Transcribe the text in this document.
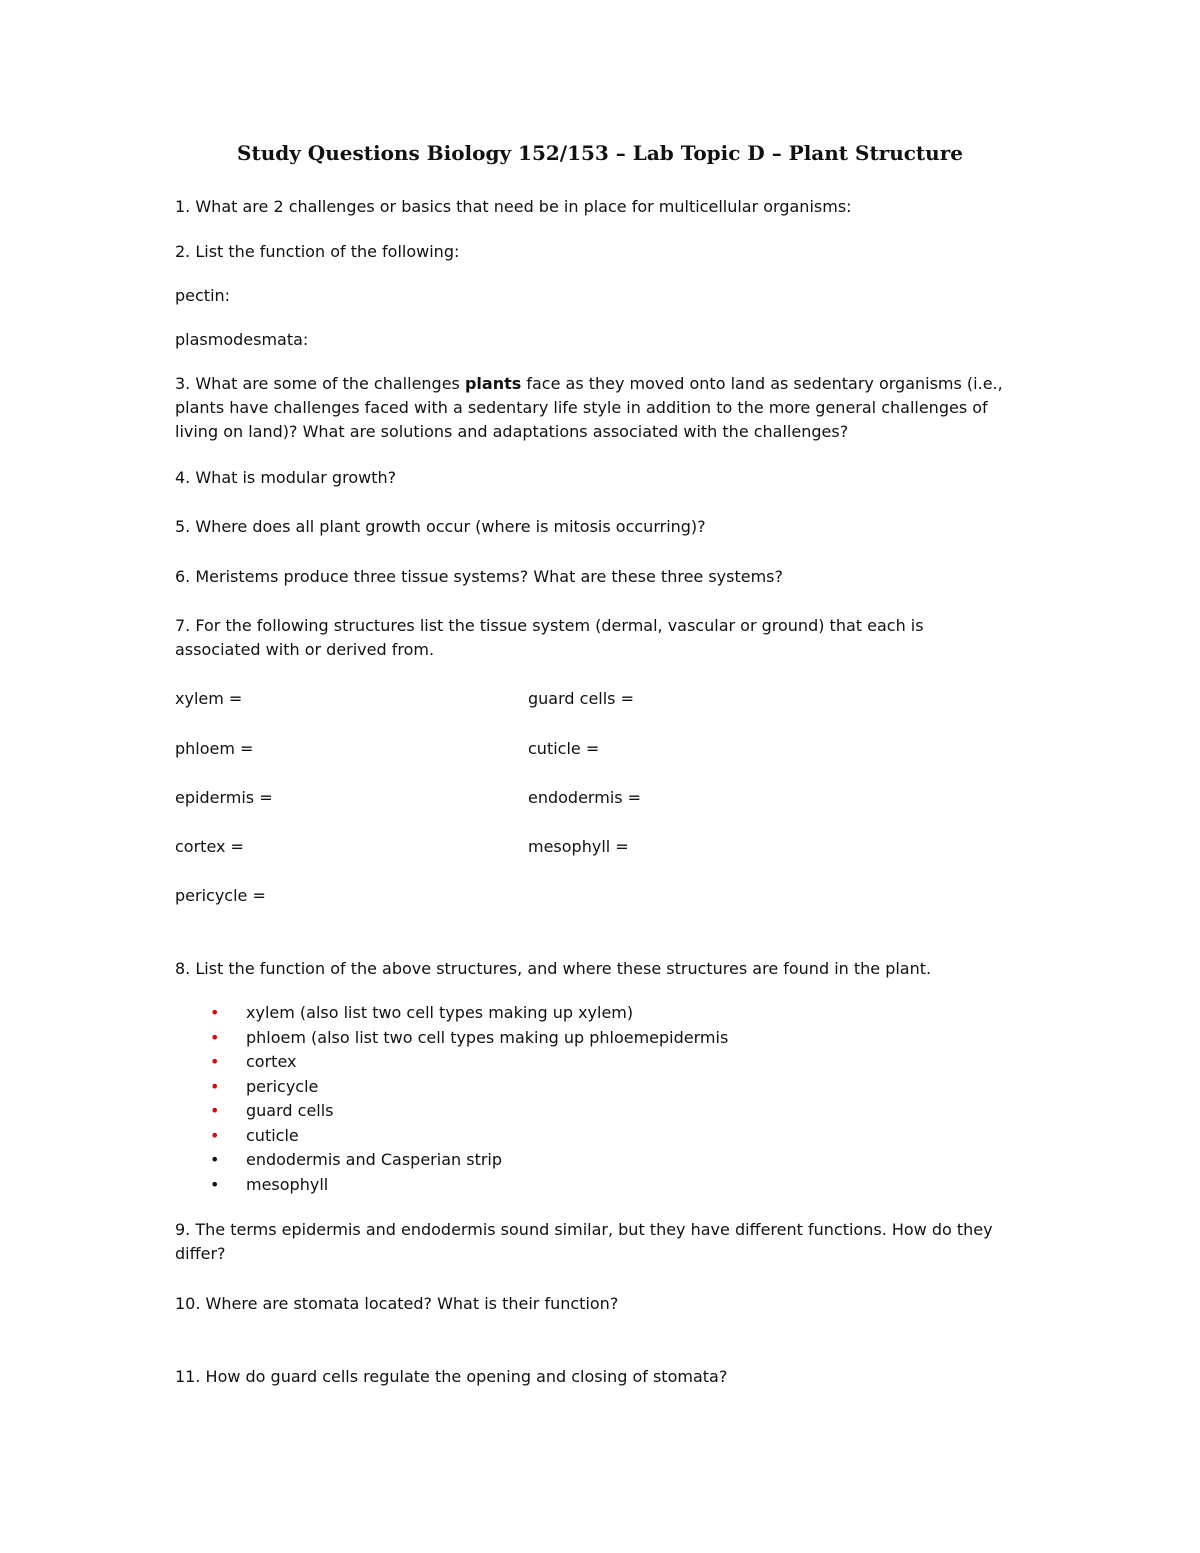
Study Questions Biology 152/153 – Lab Topic D – Plant Structure
1. What are 2 challenges or basics that need be in place for multicellular organisms:
2. List the function of the following:
pectin:
plasmodesmata:
3. What are some of the challenges plants face as they moved onto land as sedentary organisms (i.e., plants have challenges faced with a sedentary life style in addition to the more general challenges of living on land)? What are solutions and adaptations associated with the challenges?
4. What is modular growth?
5. Where does all plant growth occur (where is mitosis occurring)?
6. Meristems produce three tissue systems? What are these three systems?
7. For the following structures list the tissue system (dermal, vascular or ground) that each is associated with or derived from.
xylem =
phloem =
epidermis =
cortex =
pericycle =
guard cells =
cuticle =
endodermis =
mesophyll =
8. List the function of the above structures, and where these structures are found in the plant.
• xylem (also list two cell types making up xylem)
• phloem (also list two cell types making up phloemepidermis
• cortex
• pericycle
• guard cells
• cuticle
• endodermis and Casperian strip
• mesophyll
9. The terms epidermis and endodermis sound similar, but they have different functions. How do they differ?
10. Where are stomata located? What is their function?
11. How do guard cells regulate the opening and closing of stomata?
